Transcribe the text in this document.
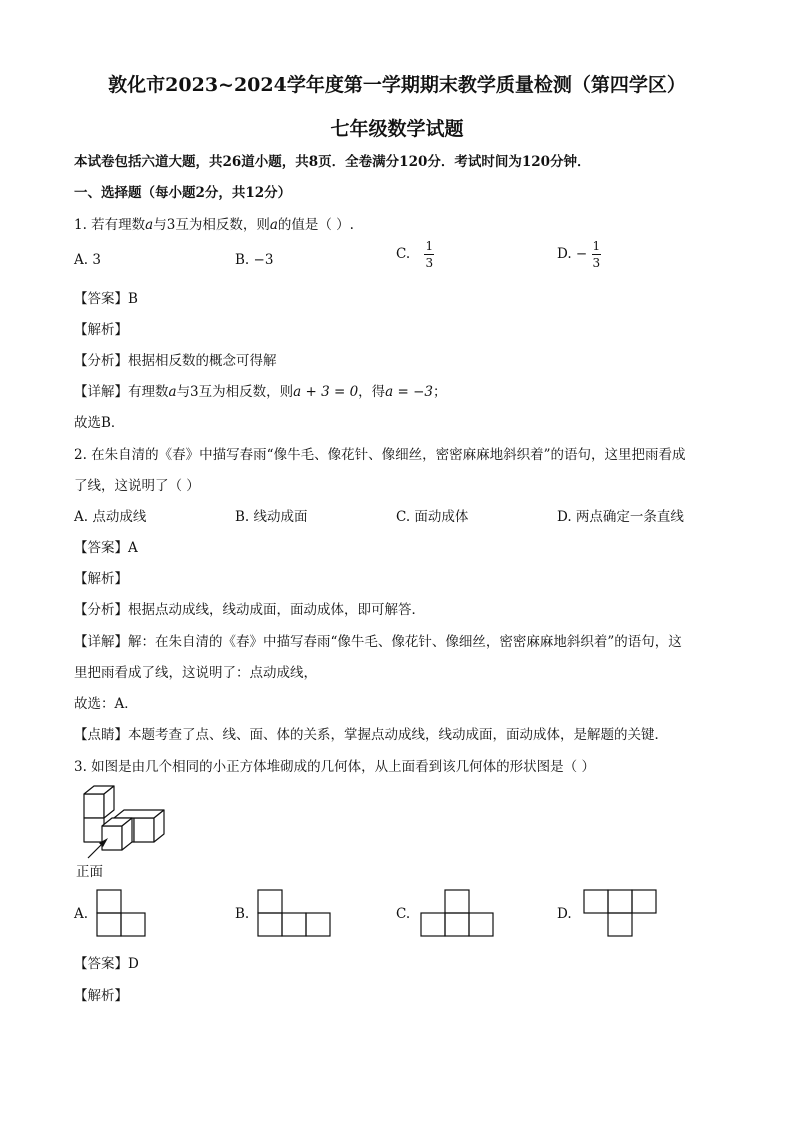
敦化市2023~2024学年度第一学期期末教学质量检测（第四学区）
七年级数学试题
本试卷包括六道大题，共26道小题，共8页．全卷满分120分．考试时间为120分钟．
一、选择题（每小题2分，共12分）
1. 若有理数a与3互为相反数，则a的值是（ ）.
A. 3	B. −3	C. $\frac{1}{3}$	D. − $\frac{1}{3}$
【答案】B
【解析】
【分析】根据相反数的概念可得解
【详解】有理数a与3互为相反数，则a + 3 = 0，得a = −3；
故选B．
2. 在朱自清的《春》中描写春雨“像牛毛、像花针、像细丝，密密麻麻地斜织着”的语句，这里把雨看成
了线，这说明了（ ）
A. 点动成线	B. 线动成面	C. 面动成体	D. 两点确定一条直线
【答案】A
【解析】
【分析】根据点动成线，线动成面，面动成体，即可解答．
【详解】解：在朱自清的《春》中描写春雨“像牛毛、像花针、像细丝，密密麻麻地斜织着”的语句，这
里把雨看成了线，这说明了：点动成线，
故选：A．
【点睛】本题考查了点、线、面、体的关系，掌握点动成线，线动成面，面动成体，是解题的关键．
3. 如图是由几个相同的小正方体堆砌成的几何体，从上面看到该几何体的形状图是（ ）
正面
A.	B.	C.	D.
【答案】D
【解析】
